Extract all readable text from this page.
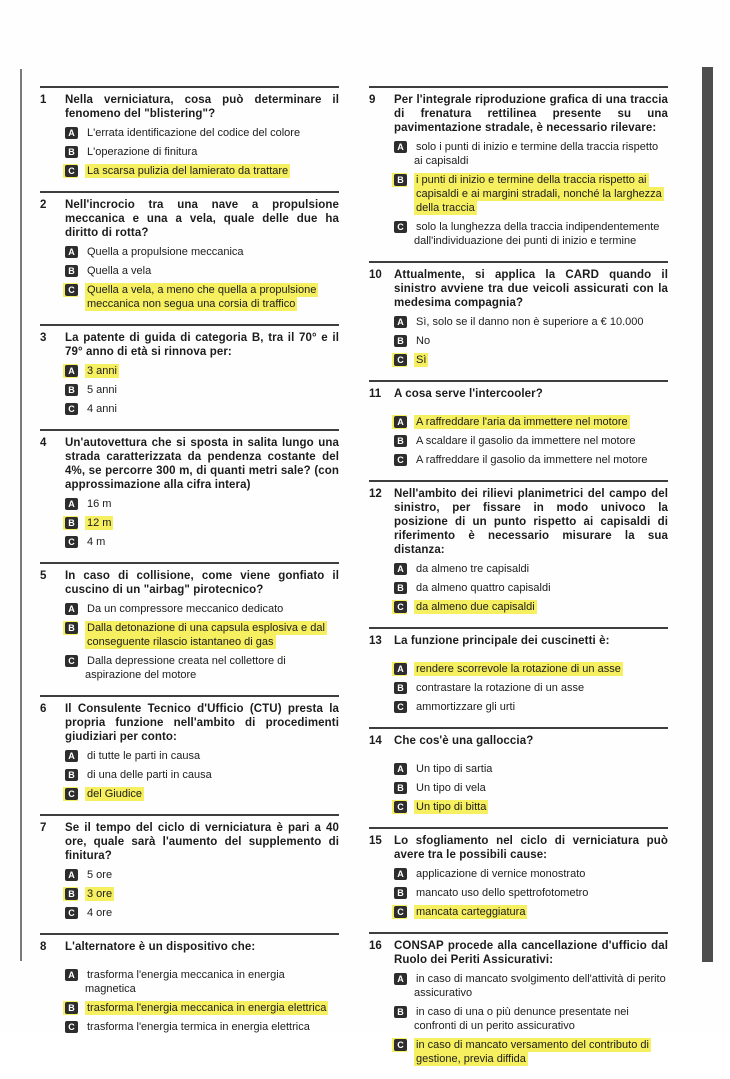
1	Nella verniciatura, cosa può determinare il fenomeno del "blistering"?
A L'errata identificazione del codice del colore
B L'operazione di finitura
C La scarsa pulizia del lamierato da trattare
2	Nell'incrocio tra una nave a propulsione meccanica e una a vela, quale delle due ha diritto di rotta?
A Quella a propulsione meccanica
B Quella a vela
C Quella a vela, a meno che quella a propulsione meccanica non segua una corsia di traffico
3	La patente di guida di categoria B, tra il 70° e il 79° anno di età si rinnova per:
A 3 anni
B 5 anni
C 4 anni
4	Un'autovettura che si sposta in salita lungo una strada caratterizzata da pendenza costante del 4%, se percorre 300 m, di quanti metri sale? (con approssimazione alla cifra intera)
A 16 m
B 12 m
C 4 m
5	In caso di collisione, come viene gonfiato il cuscino di un "airbag" pirotecnico?
A Da un compressore meccanico dedicato
B Dalla detonazione di una capsula esplosiva e dal conseguente rilascio istantaneo di gas
C Dalla depressione creata nel collettore di aspirazione del motore
6	Il Consulente Tecnico d'Ufficio (CTU) presta la propria funzione nell'ambito di procedimenti giudiziari per conto:
A di tutte le parti in causa
B di una delle parti in causa
C del Giudice
7	Se il tempo del ciclo di verniciatura è pari a 40 ore, quale sarà l'aumento del supplemento di finitura?
A 5 ore
B 3 ore
C 4 ore
8	L'alternatore è un dispositivo che:
A trasforma l'energia meccanica in energia magnetica
B trasforma l'energia meccanica in energia elettrica
C trasforma l'energia termica in energia elettrica
9	Per l'integrale riproduzione grafica di una traccia di frenatura rettilinea presente su una pavimentazione stradale, è necessario rilevare:
A solo i punti di inizio e termine della traccia rispetto ai capisaldi
B i punti di inizio e termine della traccia rispetto ai capisaldi e ai margini stradali, nonché la larghezza della traccia
C solo la lunghezza della traccia indipendentemente dall'individuazione dei punti di inizio e termine
10	Attualmente, si applica la CARD quando il sinistro avviene tra due veicoli assicurati con la medesima compagnia?
A Sì, solo se il danno non è superiore a € 10.000
B No
C Sì
11	A cosa serve l'intercooler?
A A raffreddare l'aria da immettere nel motore
B A scaldare il gasolio da immettere nel motore
C A raffreddare il gasolio da immettere nel motore
12	Nell'ambito dei rilievi planimetrici del campo del sinistro, per fissare in modo univoco la posizione di un punto rispetto ai capisaldi di riferimento è necessario misurare la sua distanza:
A da almeno tre capisaldi
B da almeno quattro capisaldi
C da almeno due capisaldi
13	La funzione principale dei cuscinetti è:
A rendere scorrevole la rotazione di un asse
B contrastare la rotazione di un asse
C ammortizzare gli urti
14	Che cos'è una galloccia?
A Un tipo di sartia
B Un tipo di vela
C Un tipo di bitta
15	Lo sfogliamento nel ciclo di verniciatura può avere tra le possibili cause:
A applicazione di vernice monostrato
B mancato uso dello spettrofotometro
C mancata carteggiatura
16	CONSAP procede alla cancellazione d'ufficio dal Ruolo dei Periti Assicurativi:
A in caso di mancato svolgimento dell'attività di perito assicurativo
B in caso di una o più denunce presentate nei confronti di un perito assicurativo
C in caso di mancato versamento del contributo di gestione, previa diffida
